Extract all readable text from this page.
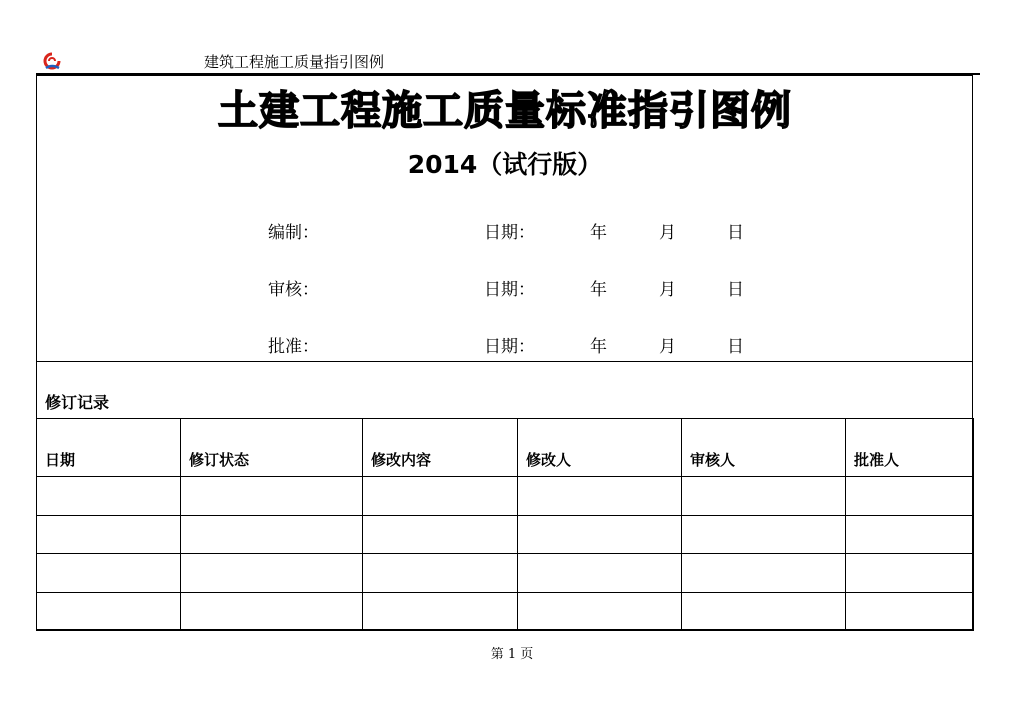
建筑工程施工质量指引图例
土建工程施工质量标准指引图例
2014（试行版）
编制：	日期：	年	月	日
审核：	日期：	年	月	日
批准：	日期：	年	月	日
修订记录
日期	修订状态	修改内容	修改人	审核人	批准人

第 1 页
